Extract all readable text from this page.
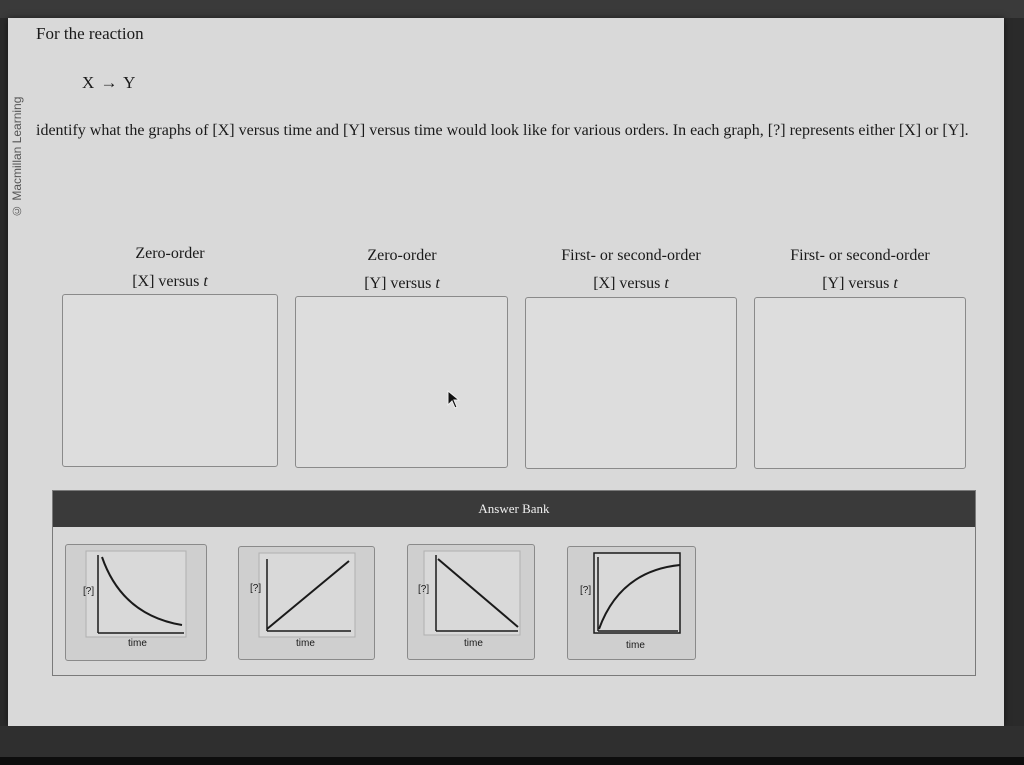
© Macmillan Learning
For the reaction
X → Y
identify what the graphs of [X] versus time and [Y] versus time would look like for various orders. In each graph, [?] represents either [X] or [Y].
Zero-order
[X] versus t
Zero-order
[Y] versus t
First- or second-order
[X] versus t
First- or second-order
[Y] versus t
Answer Bank
[?]
time
[?]
time
[?]
time
[?]
time
